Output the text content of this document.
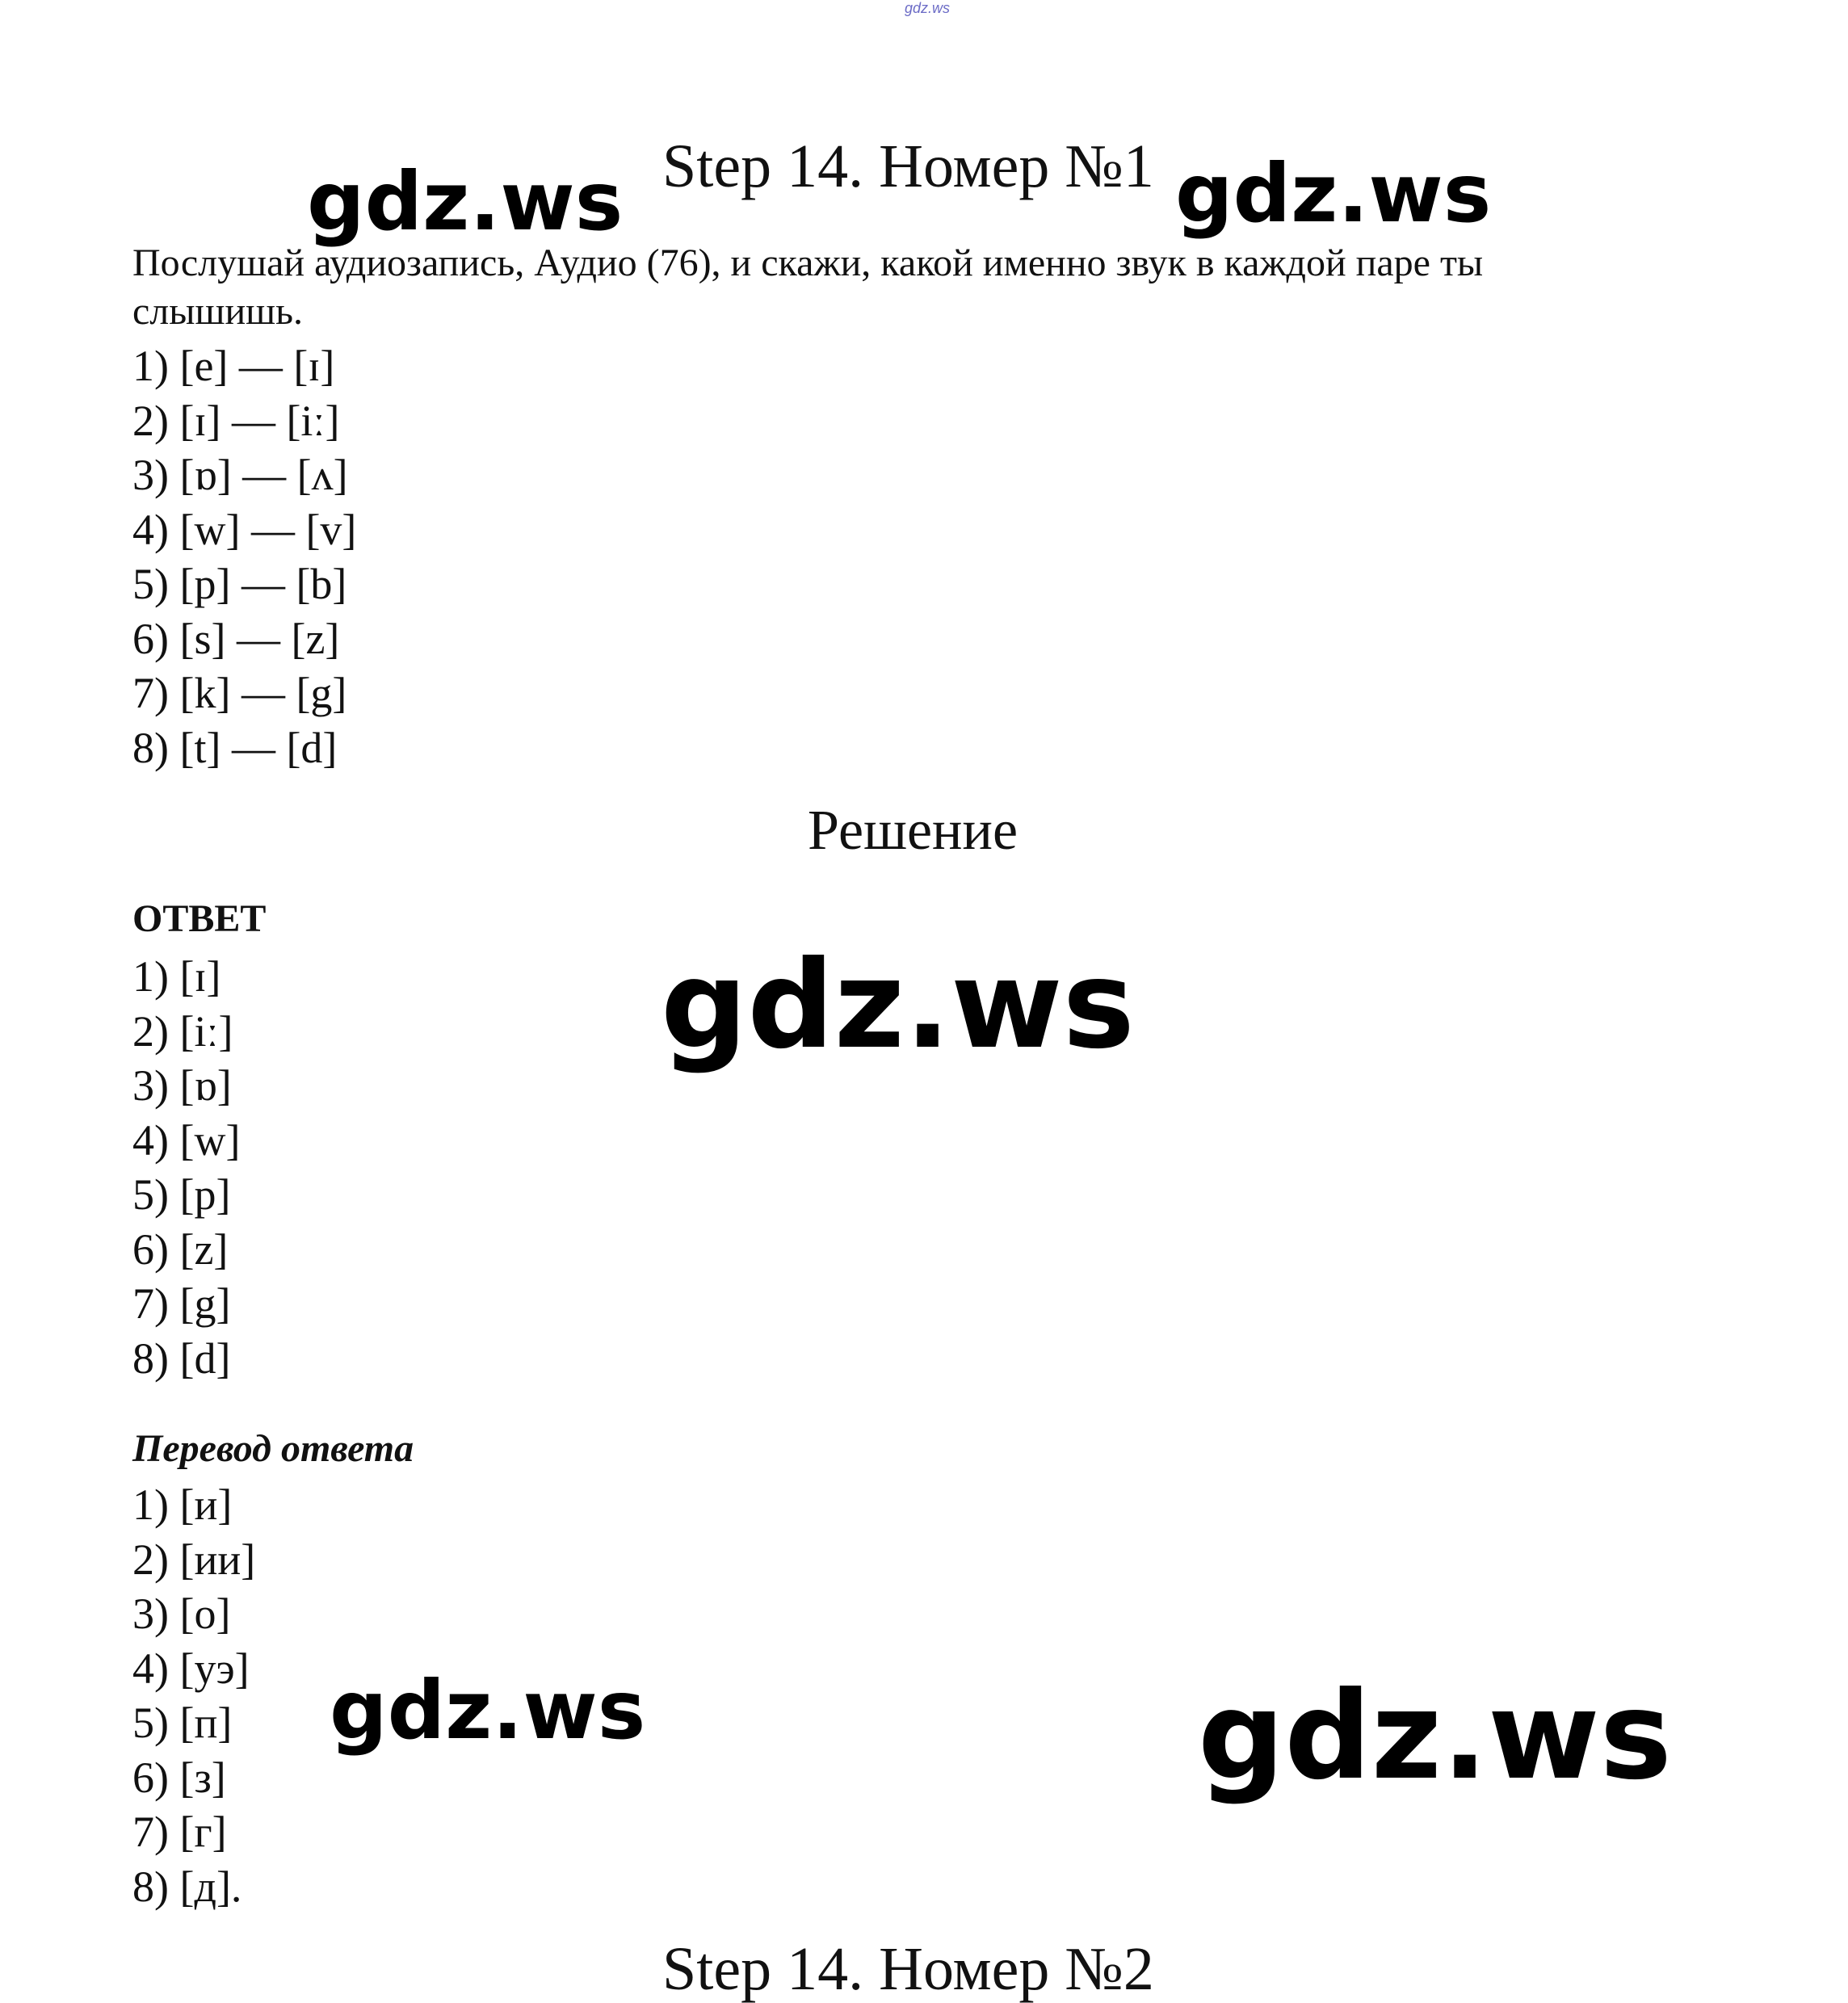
gdz.ws
Step 14. Номер №1

Послушай аудиозапись, Аудио (76), и скажи, какой именно звук в каждой паре ты слышишь.

1) [e] — [ɪ]
2) [ɪ] — [iː]
3) [ɒ] — [ʌ]
4) [w] — [v]
5) [p] — [b]
6) [s] — [z]
7) [k] — [g]
8) [t] — [d]
Решение
ОТВЕТ
1) [ɪ]
2) [iː]
3) [ɒ]
4) [w]
5) [p]
6) [z]
7) [g]
8) [d]
Перевод ответа
1) [и]
2) [ии]
3) [о]
4) [уэ]
5) [п]
6) [з]
7) [г]
8) [д].
gdz.ws	gdz.ws
gdz.ws
gdz.ws	gdz.ws
Step 14. Номер №2
